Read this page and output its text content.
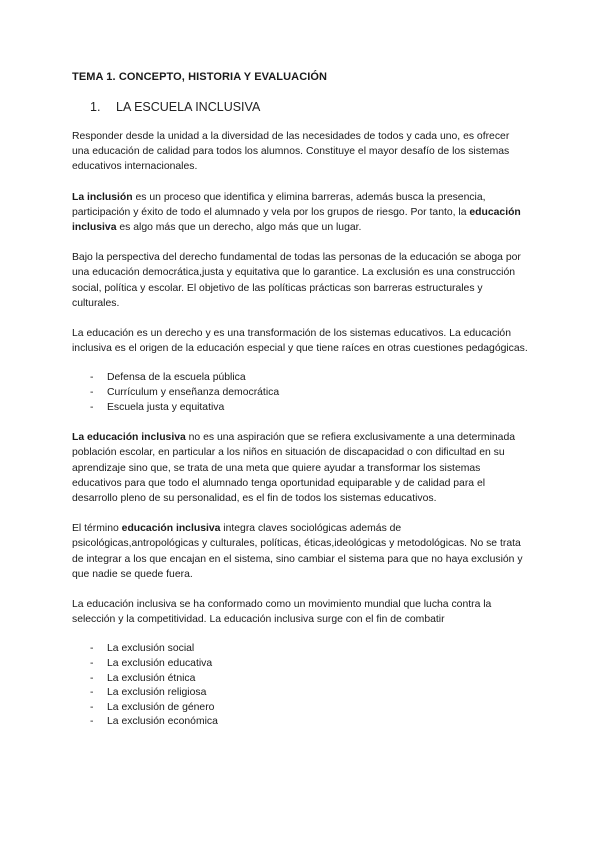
TEMA 1. CONCEPTO, HISTORIA Y EVALUACIÓN
1.	LA ESCUELA INCLUSIVA

Responder desde la unidad a la diversidad de las necesidades de todos y cada uno, es ofrecer una educación de calidad para todos los alumnos. Constituye el mayor desafío de los sistemas educativos internacionales.

La inclusión es un proceso que identifica y elimina barreras, además busca la presencia, participación y éxito de todo el alumnado y vela por los grupos de riesgo. Por tanto, la educación inclusiva es algo más que un derecho, algo más que un lugar.

Bajo la perspectiva del derecho fundamental de todas las personas de la educación se aboga por una educación democrática,justa y equitativa que lo garantice. La exclusión es una construcción social, política y escolar. El objetivo de las políticas prácticas son barreras estructurales y culturales.

La educación es un derecho y es una transformación de los sistemas educativos. La educación inclusiva es el origen de la educación especial y que tiene raíces en otras cuestiones pedagógicas.

-	Defensa de la escuela pública
-	Currículum y enseñanza democrática
-	Escuela justa y equitativa

La educación inclusiva no es una aspiración que se refiera exclusivamente a una determinada población escolar, en particular a los niños en situación de discapacidad o con dificultad en su aprendizaje sino que, se trata de una meta que quiere ayudar a transformar los sistemas educativos para que todo el alumnado tenga oportunidad equiparable y de calidad para el desarrollo pleno de su personalidad, es el fin de todos los sistemas educativos.

El término educación inclusiva integra claves sociológicas además de psicológicas,antropológicas y culturales, políticas, éticas,ideológicas y metodológicas. No se trata de integrar a los que encajan en el sistema, sino cambiar el sistema para que no haya exclusión y que nadie se quede fuera.

La educación inclusiva se ha conformado como un movimiento mundial que lucha contra la selección y la competitividad. La educación inclusiva surge con el fin de combatir

-	La exclusión social
-	La exclusión educativa
-	La exclusión étnica
-	La exclusión religiosa
-	La exclusión de género
-	La exclusión económica
